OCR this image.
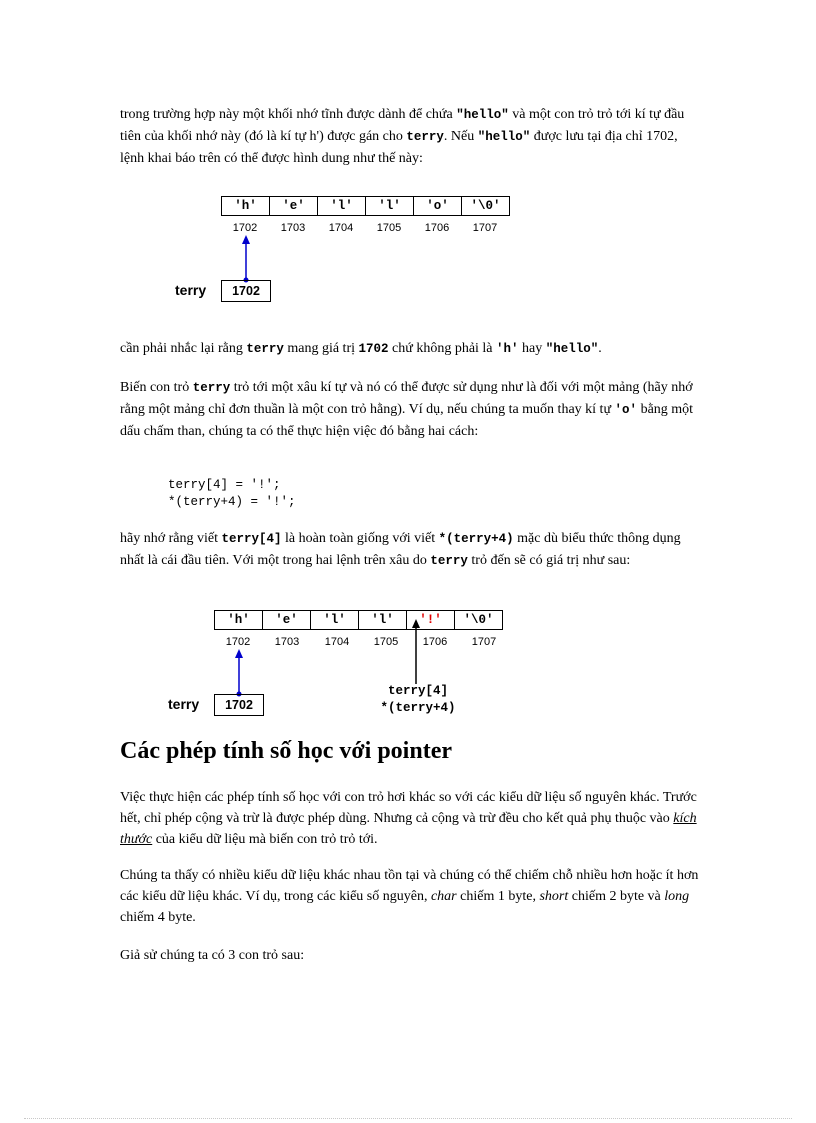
trong trường hợp này một khối nhớ tĩnh được dành để chứa "hello" và một con trỏ trỏ tới kí tự đầu tiên của khối nhớ này (đó là kí tự h') được gán cho terry. Nếu "hello" được lưu tại địa chỉ 1702, lệnh khai báo trên có thể được hình dung như thế này:
'h'	'e'	'l'	'l'	'o'	'\0'
1702	1703	1704	1705	1706	1707
terry	1702
cần phải nhắc lại rằng terry mang giá trị 1702 chứ không phải là 'h' hay "hello".
Biến con trỏ terry trỏ tới một xâu kí tự và nó có thể được sử dụng như là đối với một mảng (hãy nhớ rằng một mảng chỉ đơn thuần là một con trỏ hằng). Ví dụ, nếu chúng ta muốn thay kí tự 'o' bằng một dấu chấm than, chúng ta có thể thực hiện việc đó bằng hai cách:
terry[4] = '!';
*(terry+4) = '!';
hãy nhớ rằng viết terry[4] là hoàn toàn giống với viết *(terry+4) mặc dù biểu thức thông dụng nhất là cái đầu tiên. Với một trong hai lệnh trên xâu do terry trỏ đến sẽ có giá trị như sau:
'h'	'e'	'l'	'l'	'!'	'\0'
1702	1703	1704	1705	1706	1707
terry	1702
terry[4]
*(terry+4)
Các phép tính số học với pointer
Việc thực hiện các phép tính số học với con trỏ hơi khác so với các kiểu dữ liệu số nguyên khác. Trước hết, chỉ phép cộng và trừ là được phép dùng. Nhưng cả cộng và trừ đều cho kết quả phụ thuộc vào kích thước của kiểu dữ liệu mà biến con trỏ trỏ tới.
Chúng ta thấy có nhiều kiểu dữ liệu khác nhau tồn tại và chúng có thể chiếm chỗ nhiều hơn hoặc ít hơn các kiểu dữ liệu khác. Ví dụ, trong các kiểu số nguyên, char chiếm 1 byte, short chiếm 2 byte và long chiếm 4 byte.
Giả sử chúng ta có 3 con trỏ sau:
